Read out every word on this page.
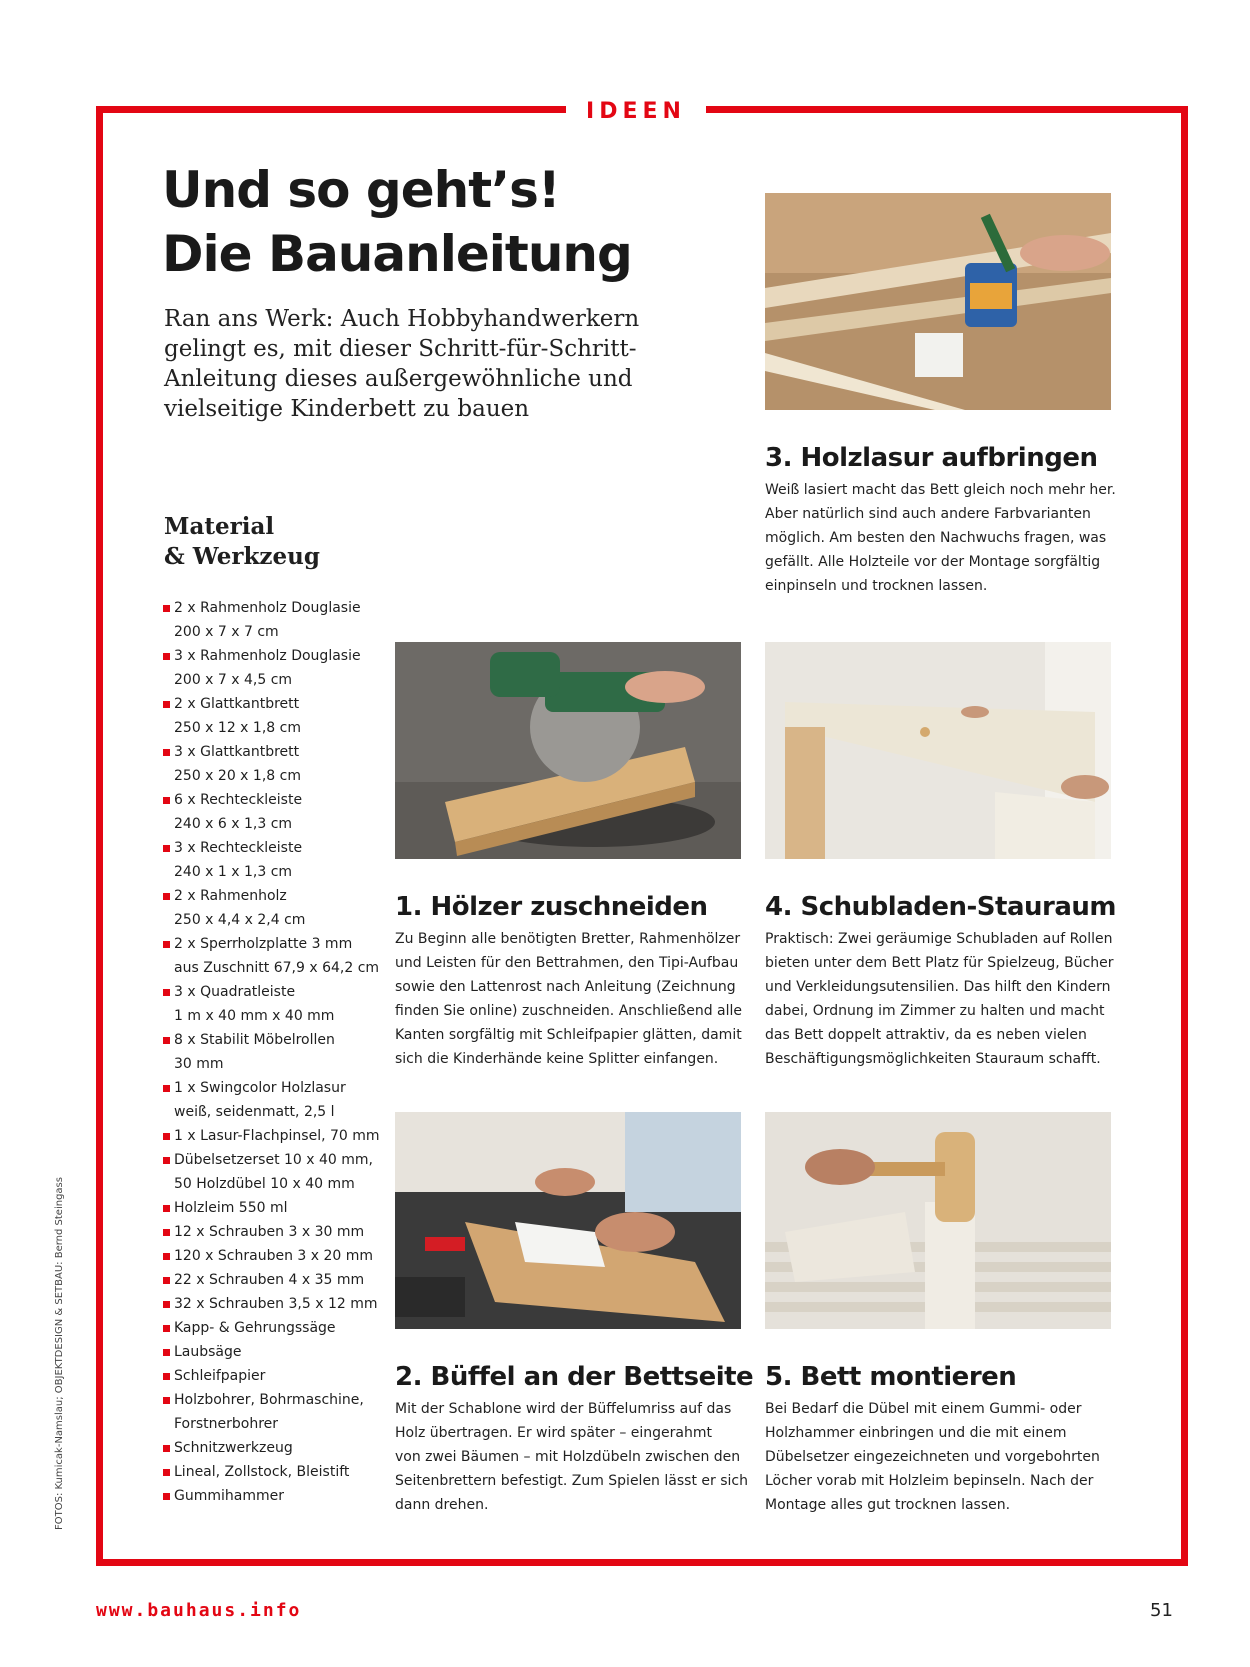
IDEEN
Und so geht’s!
Die Bauanleitung

Ran ans Werk: Auch Hobbyhandwerkern
gelingt es, mit dieser Schritt-für-Schritt-
Anleitung dieses außergewöhnliche und
vielseitige Kinderbett zu bauen

Material
& Werkzeug
2 x Rahmenholz Douglasie
200 x 7 x 7 cm
3 x Rahmenholz Douglasie
200 x 7 x 4,5 cm
2 x Glattkantbrett
250 x 12 x 1,8 cm
3 x Glattkantbrett
250 x 20 x 1,8 cm
6 x Rechteckleiste
240 x 6 x 1,3 cm
3 x Rechteckleiste
240 x 1 x 1,3 cm
2 x Rahmenholz
250 x 4,4 x 2,4 cm
2 x Sperrholzplatte 3 mm
aus Zuschnitt 67,9 x 64,2 cm
3 x Quadratleiste
1 m x 40 mm x 40 mm
8 x Stabilit Möbelrollen
30 mm
1 x Swingcolor Holzlasur
weiß, seidenmatt, 2,5 l
1 x Lasur-Flachpinsel, 70 mm
Dübelsetzerset 10 x 40 mm,
50 Holzdübel 10 x 40 mm
Holzleim 550 ml
12 x Schrauben 3 x 30 mm
120 x Schrauben 3 x 20 mm
22 x Schrauben 4 x 35 mm
32 x Schrauben 3,5 x 12 mm
Kapp- & Gehrungssäge
Laubsäge
Schleifpapier
Holzbohrer, Bohrmaschine,
Forstnerbohrer
Schnitzwerkzeug
Lineal, Zollstock, Bleistift
Gummihammer
3. Holzlasur aufbringen

Weiß lasiert macht das Bett gleich noch mehr her.
Aber natürlich sind auch andere Farbvarianten
möglich. Am besten den Nachwuchs fragen, was
gefällt. Alle Holzteile vor der Montage sorgfältig
einpinseln und trocknen lassen.

1. Hölzer zuschneiden

Zu Beginn alle benötigten Bretter, Rahmenhölzer
und Leisten für den Bettrahmen, den Tipi-Aufbau
sowie den Lattenrost nach Anleitung (Zeichnung
finden Sie online) zuschneiden. Anschließend alle
Kanten sorgfältig mit Schleifpapier glätten, damit
sich die Kinderhände keine Splitter einfangen.

4. Schubladen-Stauraum

Praktisch: Zwei geräumige Schubladen auf Rollen
bieten unter dem Bett Platz für Spielzeug, Bücher
und Verkleidungsutensilien. Das hilft den Kindern
dabei, Ordnung im Zimmer zu halten und macht
das Bett doppelt attraktiv, da es neben vielen
Beschäftigungsmöglichkeiten Stauraum schafft.

2. Büffel an der Bettseite

Mit der Schablone wird der Büffelumriss auf das
Holz übertragen. Er wird später – eingerahmt
von zwei Bäumen – mit Holzdübeln zwischen den
Seitenbrettern befestigt. Zum Spielen lässt er sich
dann drehen.

5. Bett montieren

Bei Bedarf die Dübel mit einem Gummi- oder
Holzhammer einbringen und die mit einem
Dübelsetzer eingezeichneten und vorgebohrten
Löcher vorab mit Holzleim bepinseln. Nach der
Montage alles gut trocknen lassen.

FOTOS: Kumicak-Namslau; OBJEKTDESIGN & SETBAU: Bernd Steingass
www.bauhaus.info	51
